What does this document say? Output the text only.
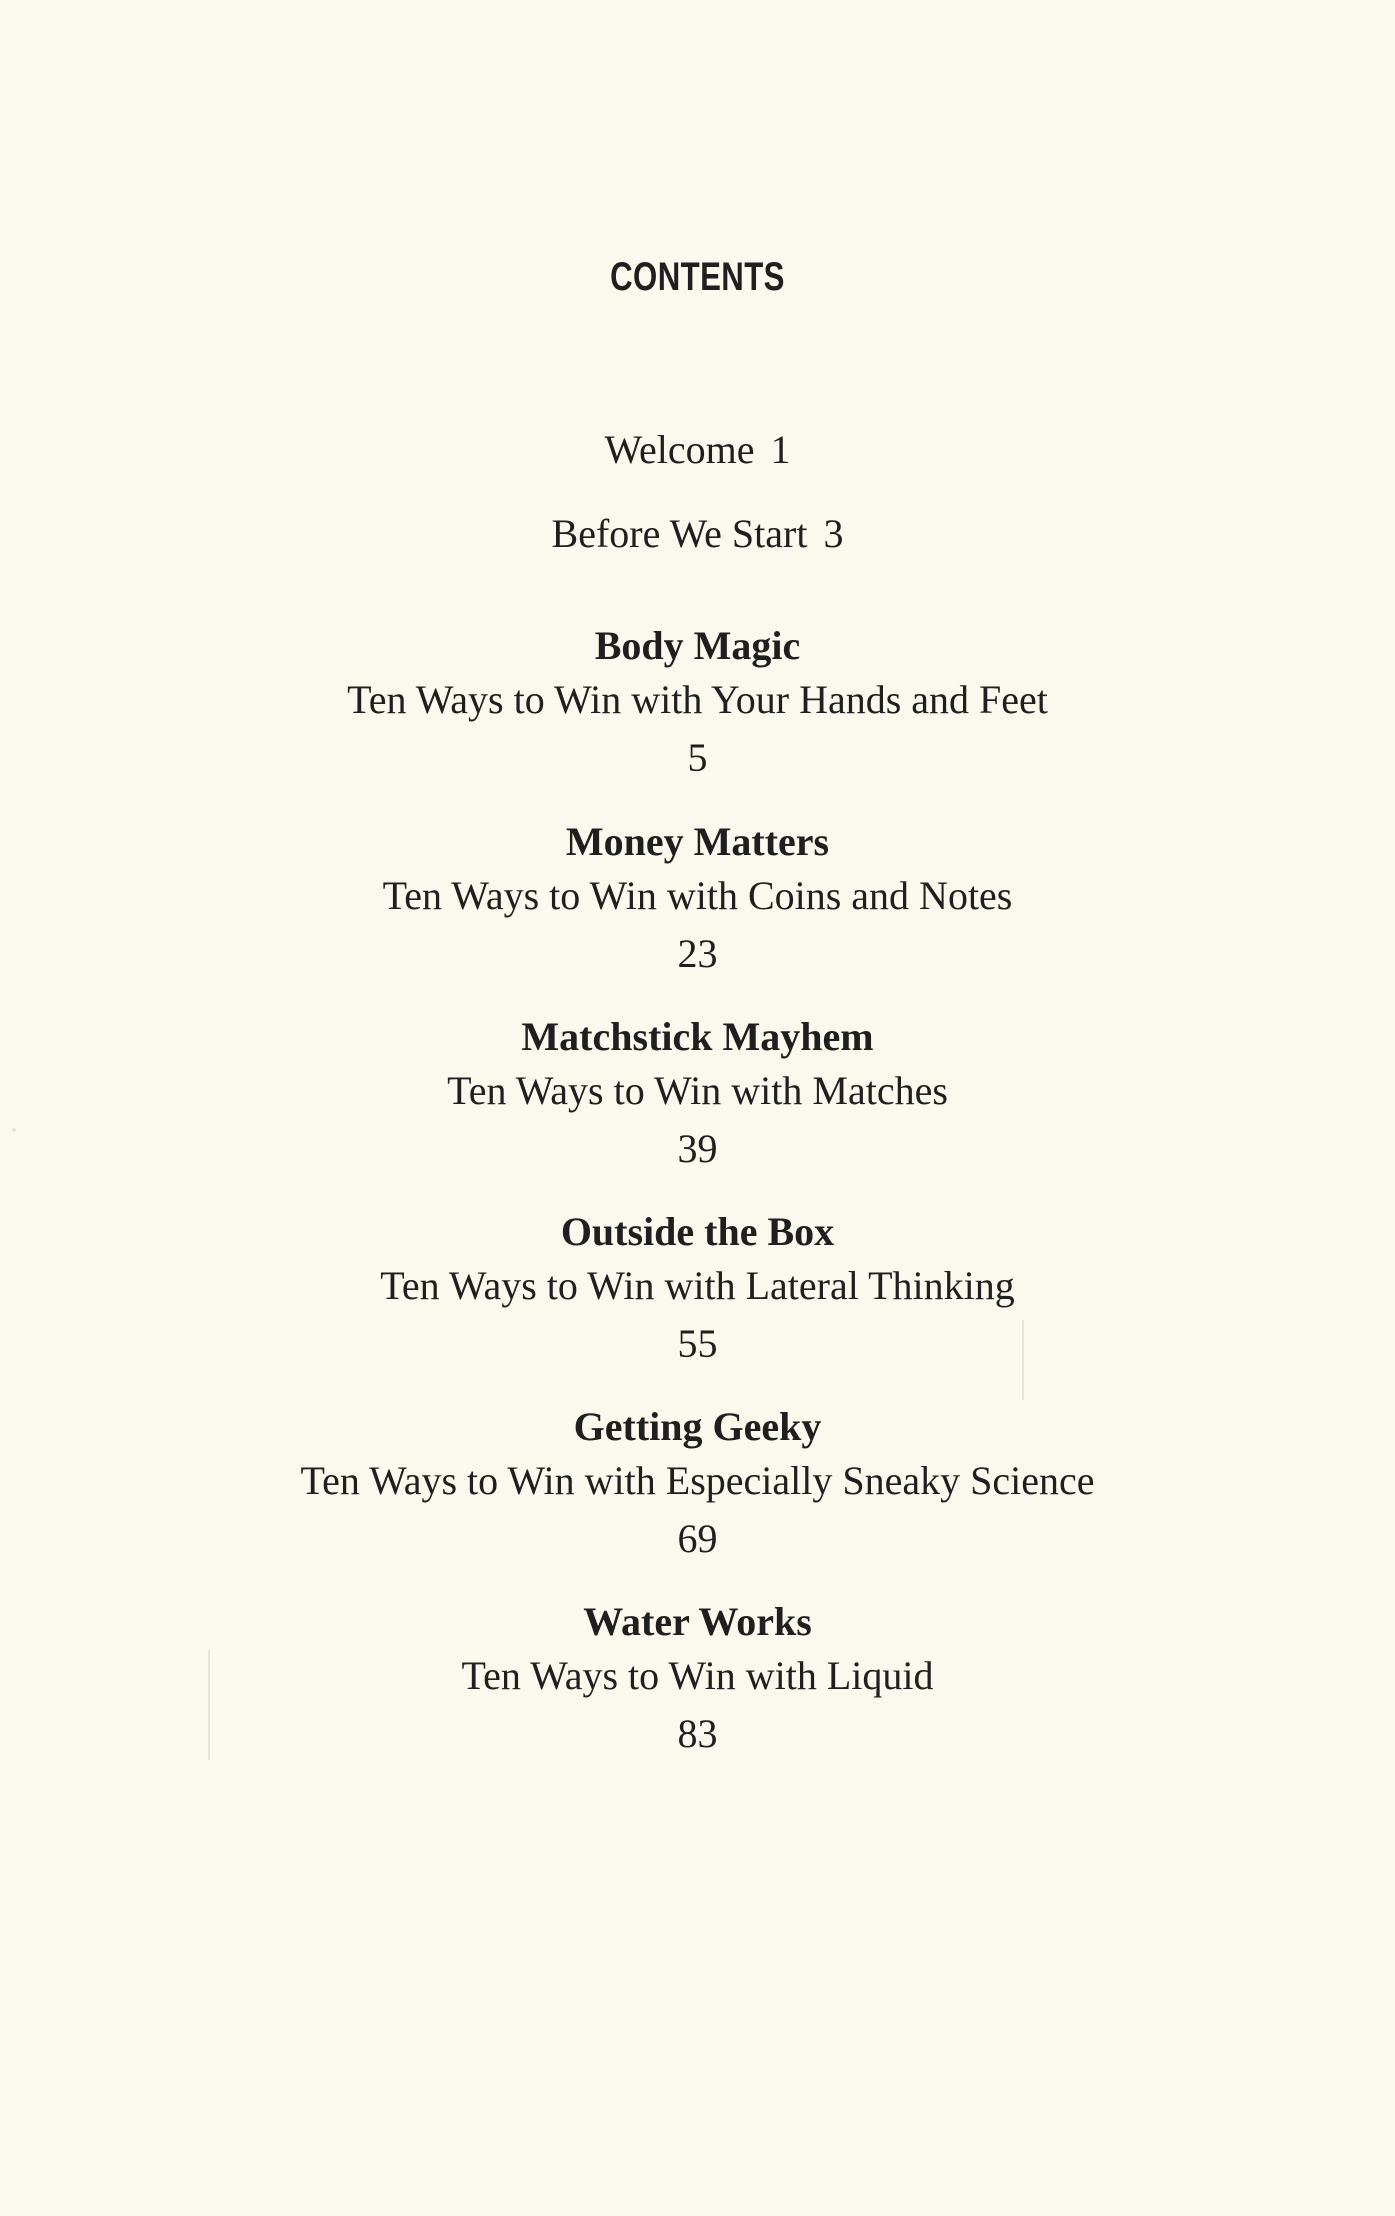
CONTENTS
Welcome 1
Before We Start 3
Body Magic
Ten Ways to Win with Your Hands and Feet
5
Money Matters
Ten Ways to Win with Coins and Notes
23
Matchstick Mayhem
Ten Ways to Win with Matches
39
Outside the Box
Ten Ways to Win with Lateral Thinking
55
Getting Geeky
Ten Ways to Win with Especially Sneaky Science
69
Water Works
Ten Ways to Win with Liquid
83
